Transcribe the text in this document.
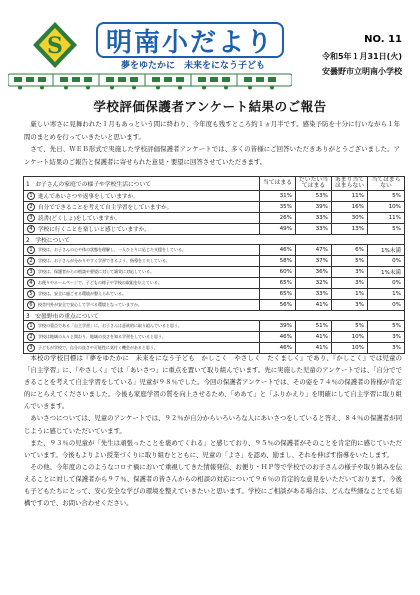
S 明南小だより
夢をゆたかに　未来をになう子ども
NO. 11
令和5年１月31日(火)
安曇野市立明南小学校
学校評価保護者アンケート結果のご報告

厳しい寒さに見舞われた１月もあっという間に終わり、今年度も残すところ約１ヵ月半です。感染予防を十分に行いながら１年間のまとめを行っていきたいと思います。

さて、先日、ＷＥＢ形式で実施した学校評価保護者アンケートでは、多くの皆様にご回答いただきありがとうございました。アンケート結果のご報告と保護者に寄せられた意見・要望に回答させていただきます。

1 お子さんの家庭での様子や学校生活について	当てはまる	だいたい当てはまる	あまり当てはまらない	当てはまらない
1 進んであいさつや返事をしていますか。	31%	53%	11%	5%
2 自分でできることを考えて自主学習をしていますか。	35%	39%	16%	10%
3 読書(どくしょ)をしていますか。	26%	33%	30%	11%
4 学校に行くことを楽しいと感じていますか。	49%	33%	13%	5%
2 学校について				
1 学校は、お子さんの心や体の状態を理解し、一人ひとりに応じた支援をしている。	46%	47%	6%	1%未満
2 学校は、お子さんが分かりやすく学習できるよう、指導を工夫している。	58%	37%	5%	0%
3 学校は、保護者からの相談や要望に対して誠実に対応している。	60%	36%	3%	1%未満
4 お便りやホームページで、子どもの様子や学校の取組を伝えている。	65%	32%	3%	0%
5 学校は、安全に過ごせる環境が整えられている。	65%	33%	1%	1%
6 校舎内外が安全で安心して学べる環境となっていますか。	56%	41%	3%	0%
3 安曇野市の重点について				
1 学校の重点である「自主学習」に、お子さんは意欲的に取り組んでいると思う。	39%	51%	5%	5%
2 学校は地域の人々と関わり、地域の良さを知る学習をしていると思う。	46%	41%	10%	3%
3 子どもが学校で、自分の良さや可能性に気付く機会があると思う。	46%	41%	10%	3%

本校の学校目標は『夢をゆたかに　未来をになう子ども　かしこく　やさしく　たくましく』であり、『かしこく』では児童の「自主学習」に、『やさしく』では「あいさつ」に重点を置いて取り組んでいます。先に実施した児童のアンケートでは、「自分でできることを考えて自主学習をしている」児童が９８％でした。今回の保護者アンケートでは、その姿を７４％の保護者の皆様が肯定的にとらえてくださいました。今後も家庭学習の質を向上させるため、「めあて」と「ふりかえり」を明確にして自主学習に取り組んでいきます。

あいさつについては、児童のアンケートでは、９２％が自分からいろいろな人にあいさつをしていると答え、８４％の保護者が同じように感じていただいています。

また、９３％の児童が「先生は頑張ったことを褒めてくれる」と感じており、９５％の保護者がそのことを肯定的に感じていただいています。今後もよりよい授業づくりに取り組むとともに、児童の「よさ」を認め、励まし、それを伸ばす指導をいたします。

その他、今年度のこのようなコロナ禍において重視してきた情報発信、お便り・ＨＰ等で学校でのお子さんの様子や取り組みを伝えることに対して保護者から９７％、保護者の皆さんからの相談の対応について９６％の肯定的な意見をいただいております。今後も子どもたちにとって、安心安全な学びの環境を整えていきたいと思います。学校にご相談がある場合は、どんな些細なことでも結構ですので、お問い合わせください。
